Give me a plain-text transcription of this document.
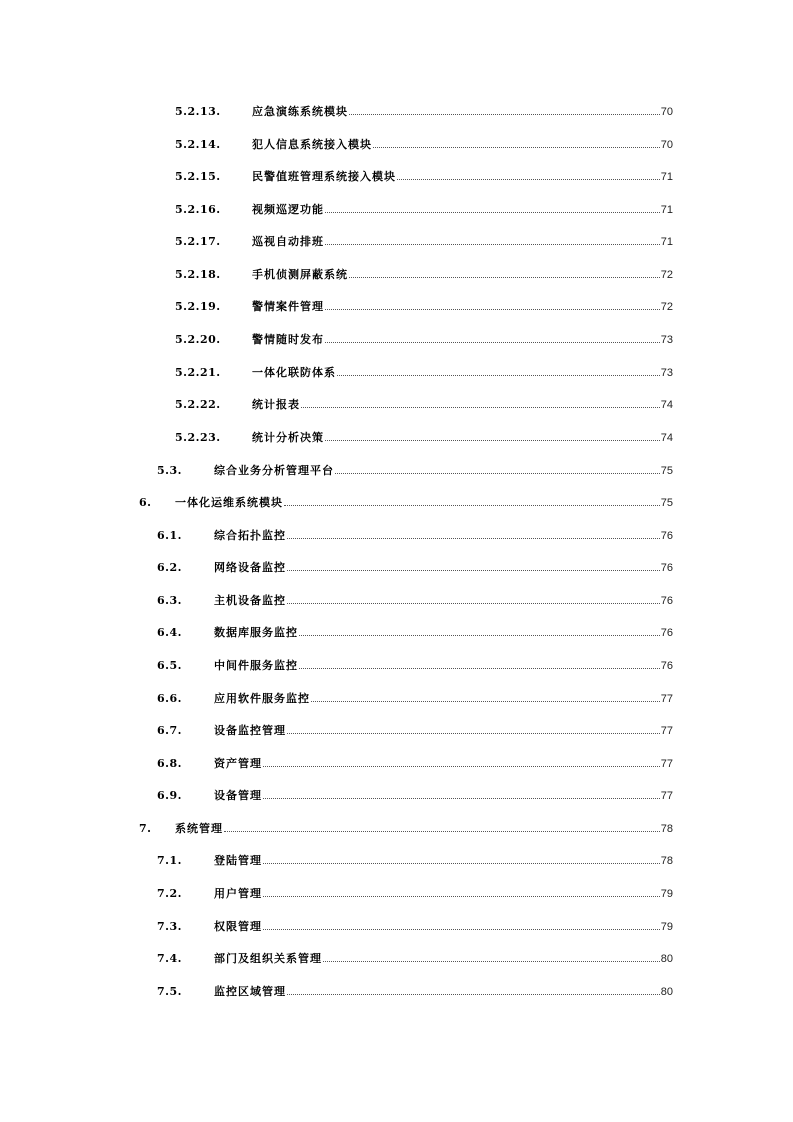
5.2.13.	应急演练系统模块	70
5.2.14.	犯人信息系统接入模块	70
5.2.15.	民警值班管理系统接入模块	71
5.2.16.	视频巡逻功能	71
5.2.17.	巡视自动排班	71
5.2.18.	手机侦测屏蔽系统	72
5.2.19.	警情案件管理	72
5.2.20.	警情随时发布	73
5.2.21.	一体化联防体系	73
5.2.22.	统计报表	74
5.2.23.	统计分析决策	74
5.3.	综合业务分析管理平台	75
6.	一体化运维系统模块	75
6.1.	综合拓扑监控	76
6.2.	网络设备监控	76
6.3.	主机设备监控	76
6.4.	数据库服务监控	76
6.5.	中间件服务监控	76
6.6.	应用软件服务监控	77
6.7.	设备监控管理	77
6.8.	资产管理	77
6.9.	设备管理	77
7.	系统管理	78
7.1.	登陆管理	78
7.2.	用户管理	79
7.3.	权限管理	79
7.4.	部门及组织关系管理	80
7.5.	监控区域管理	80
